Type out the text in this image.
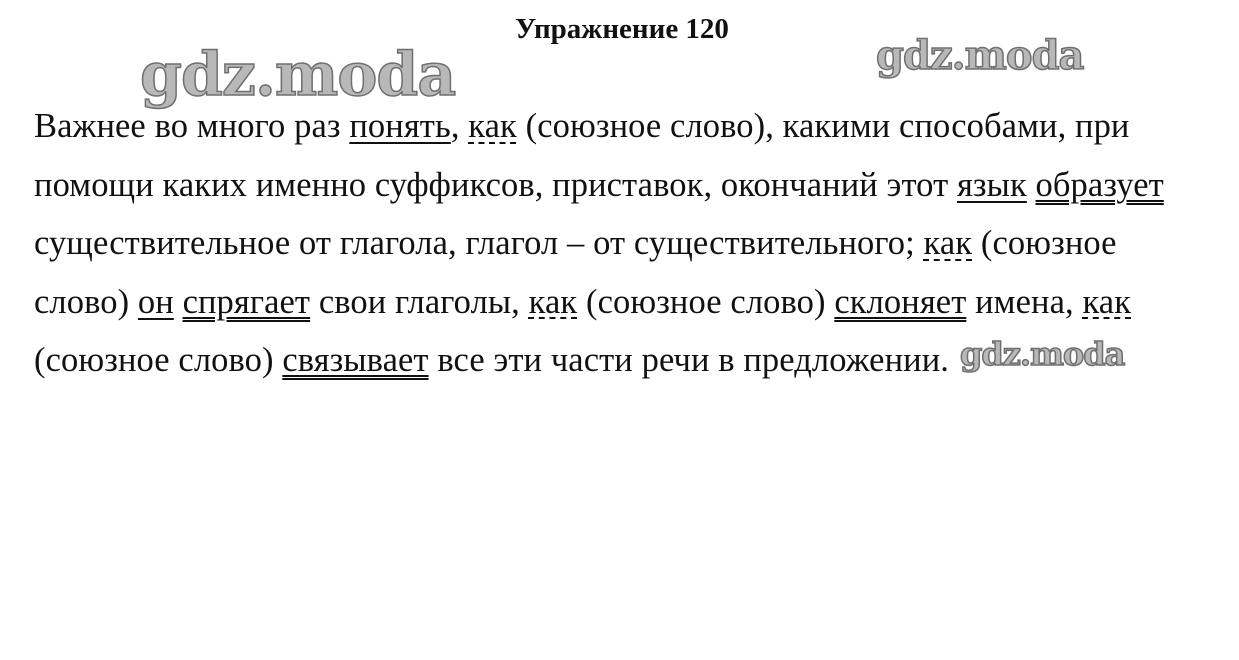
Упражнение 120
gdz.moda	gdz.moda

Важнее во много раз понять, как (союзное слово), какими способами, при
помощи каких именно суффиксов, приставок, окончаний этот язык образует
существительное от глагола, глагол – от существительного; как (союзное
слово) он спрягает свои глаголы, как (союзное слово) склоняет имена, как
(союзное слово) связывает все эти части речи в предложении. gdz.moda
